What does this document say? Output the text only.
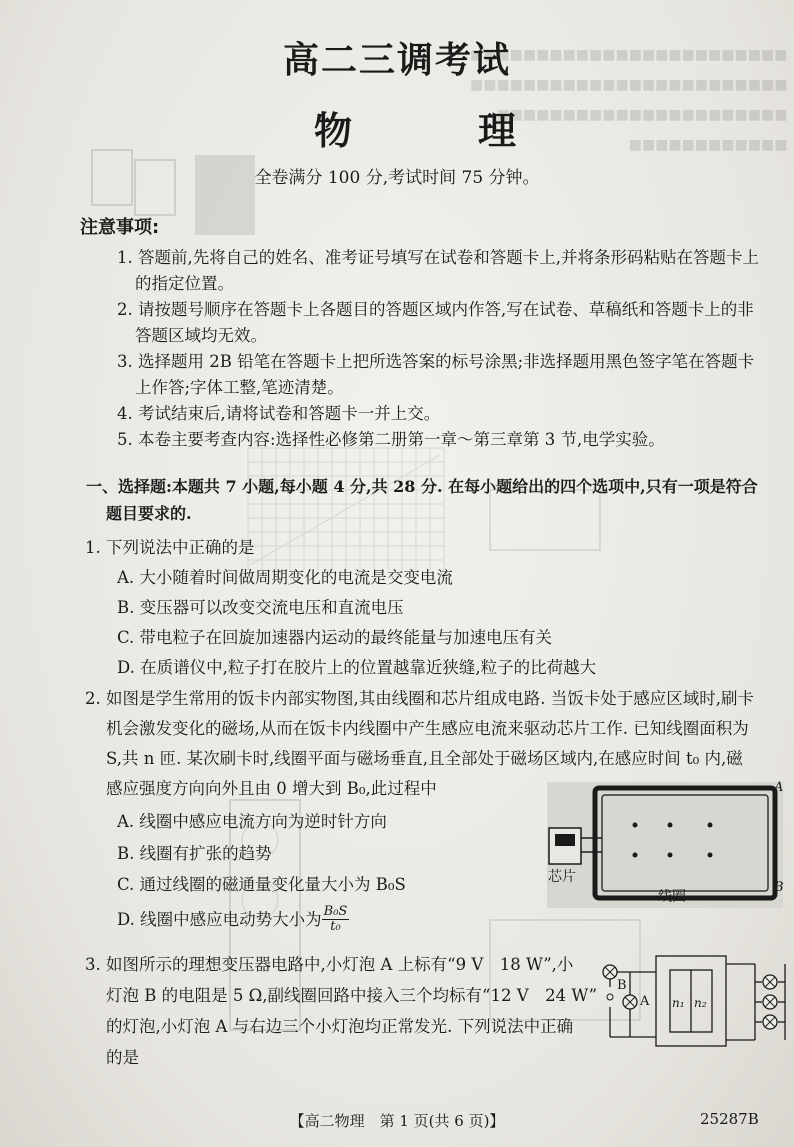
■■■■■■■■■■■■■■■■■■■■■■■■
■■■■■■■■■■■■■■■■■■■■■■■■
■■■■■■■■■■■■■■■■■■■■■■
■■■■■■■■■■■■
高二三调考试
物　理
全卷满分 100 分,考试时间 75 分钟。
注意事项:
1. 答题前,先将自己的姓名、准考证号填写在试卷和答题卡上,并将条形码粘贴在答题卡上
的指定位置。
2. 请按题号顺序在答题卡上各题目的答题区域内作答,写在试卷、草稿纸和答题卡上的非
答题区域均无效。
3. 选择题用 2B 铅笔在答题卡上把所选答案的标号涂黑;非选择题用黑色签字笔在答题卡
上作答;字体工整,笔迹清楚。
4. 考试结束后,请将试卷和答题卡一并上交。
5. 本卷主要考查内容:选择性必修第二册第一章～第三章第 3 节,电学实验。
一、选择题:本题共 7 小题,每小题 4 分,共 28 分. 在每小题给出的四个选项中,只有一项是符合
题目要求的.
1. 下列说法中正确的是
A. 大小随着时间做周期变化的电流是交变电流
B. 变压器可以改变交流电压和直流电压
C. 带电粒子在回旋加速器内运动的最终能量与加速电压有关
D. 在质谱仪中,粒子打在胶片上的位置越靠近狭缝,粒子的比荷越大
2. 如图是学生常用的饭卡内部实物图,其由线圈和芯片组成电路. 当饭卡处于感应区域时,刷卡
机会激发变化的磁场,从而在饭卡内线圈中产生感应电流来驱动芯片工作. 已知线圈面积为
S,共 n 匝. 某次刷卡时,线圈平面与磁场垂直,且全部处于磁场区域内,在感应时间 t₀ 内,磁
感应强度方向向外且由 0 增大到 B₀,此过程中
A. 线圈中感应电流方向为逆时针方向
B. 线圈有扩张的趋势
C. 通过线圈的磁通量变化量大小为 B₀S
D. 线圈中感应电动势大小为 $\frac{\text{B₀S}}{\text{t₀}}$
A
B
芯片
线圈
3. 如图所示的理想变压器电路中,小灯泡 A 上标有“9 V　18 W”,小
灯泡 B 的电阻是 5 Ω,副线圈回路中接入三个均标有“12 V　24 W”
的灯泡,小灯泡 A 与右边三个小灯泡均正常发光. 下列说法中正确
的是
B
A n₁ n₂
【高二物理　第 1 页(共 6 页)】	25287B
